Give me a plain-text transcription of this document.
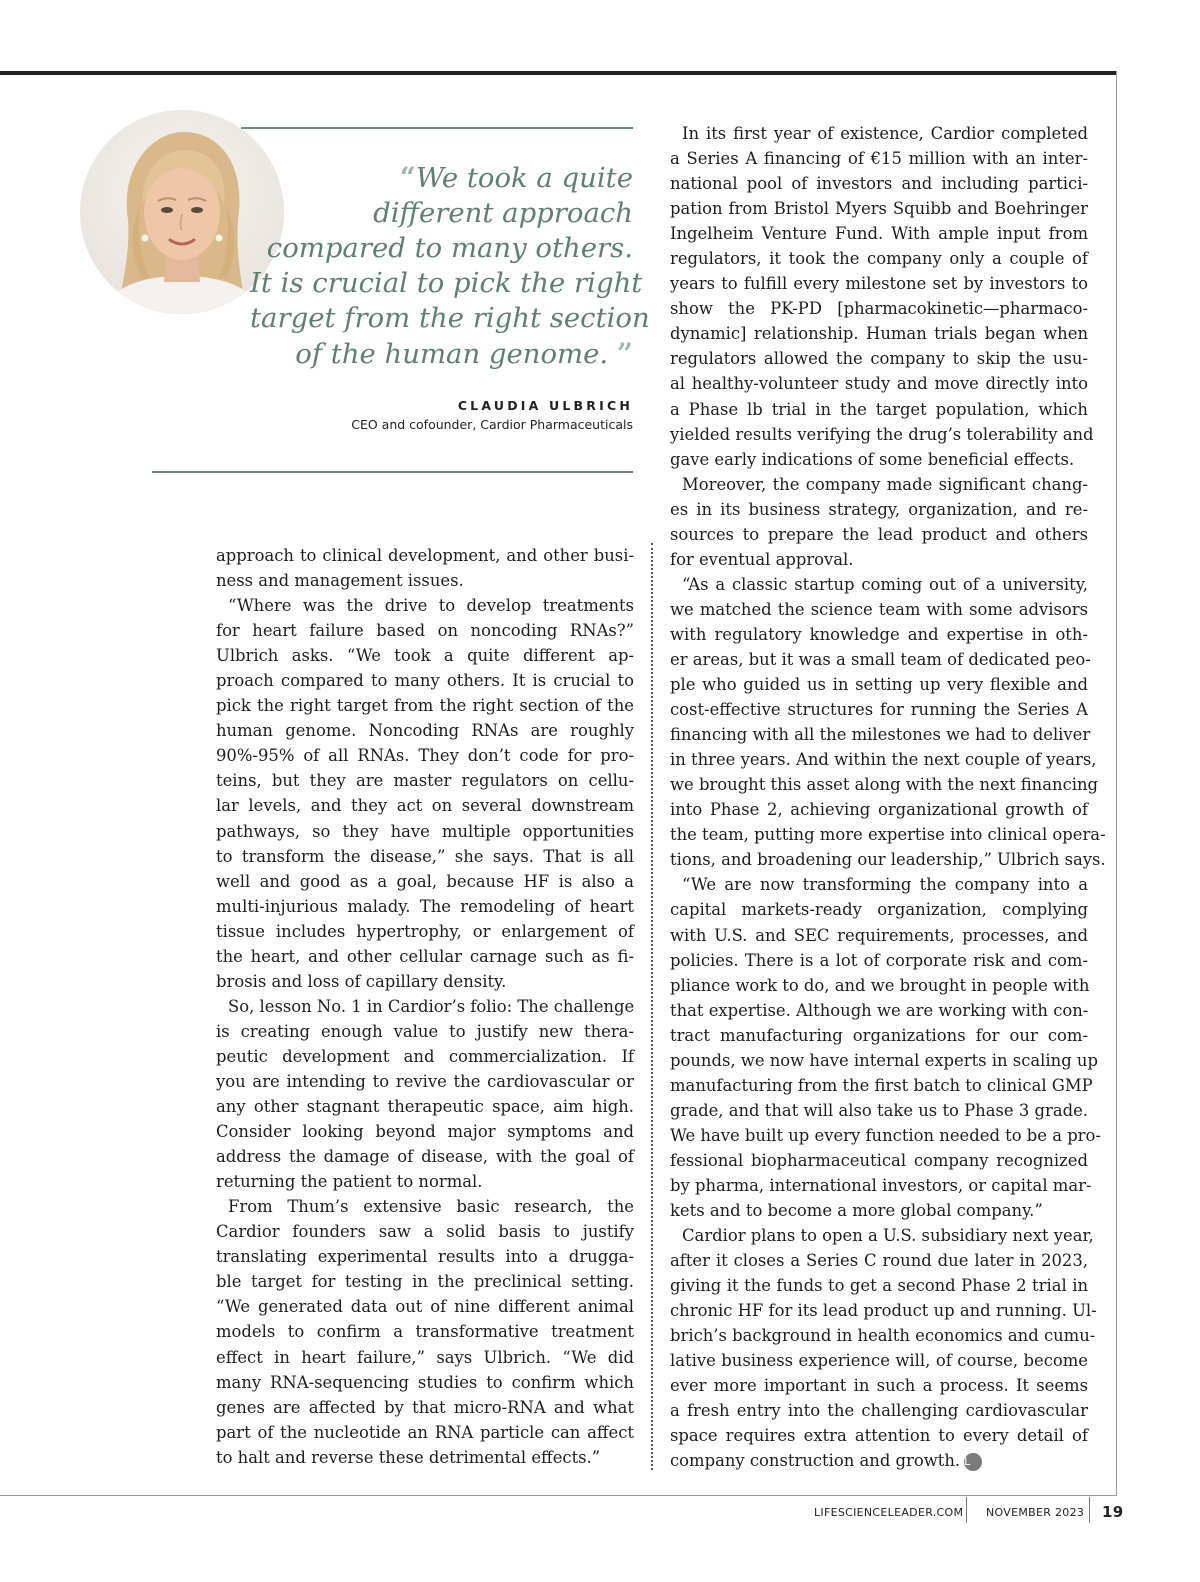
“We took a quite

different approach

compared to many others.

It is crucial to pick the right

target from the right section

of the human genome. ”

CLAUDIA ULBRICH
CEO and cofounder, Cardior Pharmaceuticals
approach to clinical development, and other busi-
ness and management issues.
“Where was the drive to develop treatments
for heart failure based on noncoding RNAs?”
Ulbrich asks. “We took a quite different ap-
proach compared to many others. It is crucial to
pick the right target from the right section of the
human genome. Noncoding RNAs are roughly
90%-95% of all RNAs. They don’t code for pro-
teins, but they are master regulators on cellu-
lar levels, and they act on several downstream
pathways, so they have multiple opportunities
to transform the disease,” she says. That is all
well and good as a goal, because HF is also a
multi-injurious malady. The remodeling of heart
tissue includes hypertrophy, or enlargement of
the heart, and other cellular carnage such as fi-
brosis and loss of capillary density.
So, lesson No. 1 in Cardior’s folio: The challenge
is creating enough value to justify new thera-
peutic development and commercialization. If
you are intending to revive the cardiovascular or
any other stagnant therapeutic space, aim high.
Consider looking beyond major symptoms and
address the damage of disease, with the goal of
returning the patient to normal.
From Thum’s extensive basic research, the
Cardior founders saw a solid basis to justify
translating experimental results into a drugga-
ble target for testing in the preclinical setting.
“We generated data out of nine different animal
models to confirm a transformative treatment
effect in heart failure,” says Ulbrich. “We did
many RNA-sequencing studies to confirm which
genes are affected by that micro-RNA and what
part of the nucleotide an RNA particle can affect
to halt and reverse these detrimental effects.”
In its first year of existence, Cardior completed
a Series A financing of €15 million with an inter-
national pool of investors and including partici-
pation from Bristol Myers Squibb and Boehringer
Ingelheim Venture Fund. With ample input from
regulators, it took the company only a couple of
years to fulfill every milestone set by investors to
show the PK-PD [pharmacokinetic—pharmaco-
dynamic] relationship. Human trials began when
regulators allowed the company to skip the usu-
al healthy-volunteer study and move directly into
a Phase lb trial in the target population, which
yielded results verifying the drug’s tolerability and
gave early indications of some beneficial effects.
Moreover, the company made significant chang-
es in its business strategy, organization, and re-
sources to prepare the lead product and others
for eventual approval.
“As a classic startup coming out of a university,
we matched the science team with some advisors
with regulatory knowledge and expertise in oth-
er areas, but it was a small team of dedicated peo-
ple who guided us in setting up very flexible and
cost-effective structures for running the Series A
financing with all the milestones we had to deliver
in three years. And within the next couple of years,
we brought this asset along with the next financing
into Phase 2, achieving organizational growth of
the team, putting more expertise into clinical opera-
tions, and broadening our leadership,” Ulbrich says.
“We are now transforming the company into a
capital markets-ready organization, complying
with U.S. and SEC requirements, processes, and
policies. There is a lot of corporate risk and com-
pliance work to do, and we brought in people with
that expertise. Although we are working with con-
tract manufacturing organizations for our com-
pounds, we now have internal experts in scaling up
manufacturing from the first batch to clinical GMP
grade, and that will also take us to Phase 3 grade.
We have built up every function needed to be a pro-
fessional biopharmaceutical company recognized
by pharma, international investors, or capital mar-
kets and to become a more global company.”
Cardior plans to open a U.S. subsidiary next year,
after it closes a Series C round due later in 2023,
giving it the funds to get a second Phase 2 trial in
chronic HF for its lead product up and running. Ul-
brich’s background in health economics and cumu-
lative business experience will, of course, become
ever more important in such a process. It seems
a fresh entry into the challenging cardiovascular
space requires extra attention to every detail of
company construction and growth. L
LIFESCIENCELEADER.COM NOVEMBER 2023 19
